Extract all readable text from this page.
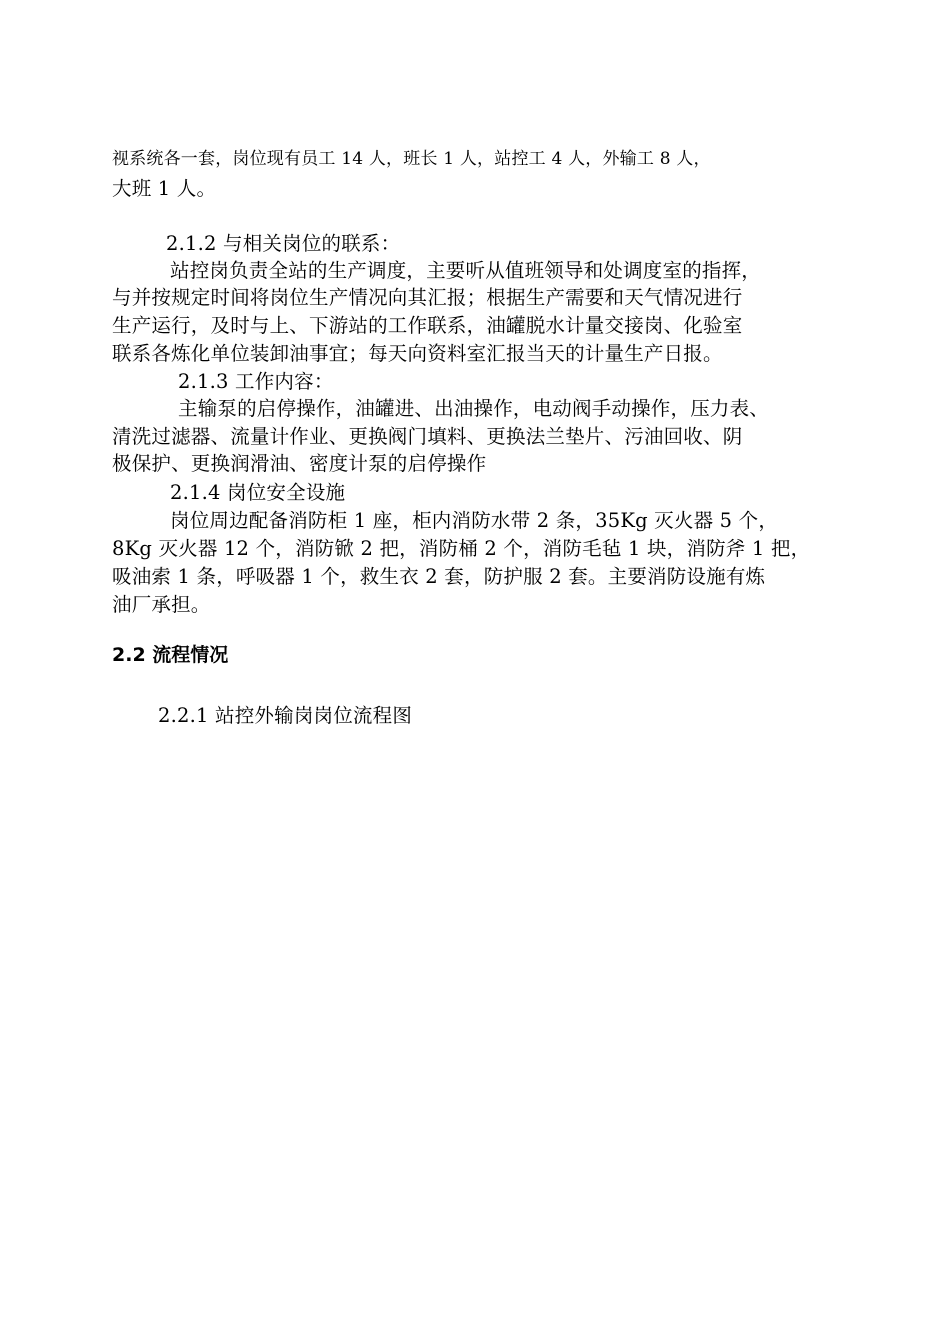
视系统各一套，岗位现有员工 14 人，班长 1 人，站控工 4 人，外输工 8 人，
大班 1 人。
2.1.2 与相关岗位的联系：
站控岗负责全站的生产调度，主要听从值班领导和处调度室的指挥，
与并按规定时间将岗位生产情况向其汇报；根据生产需要和天气情况进行
生产运行，及时与上、下游站的工作联系，油罐脱水计量交接岗、化验室
联系各炼化单位装卸油事宜；每天向资料室汇报当天的计量生产日报。
2.1.3 工作内容：
主输泵的启停操作，油罐进、出油操作，电动阀手动操作，压力表、
清洗过滤器、流量计作业、更换阀门填料、更换法兰垫片、污油回收、阴
极保护、更换润滑油、密度计泵的启停操作
2.1.4 岗位安全设施
岗位周边配备消防柜 1 座，柜内消防水带 2 条，35Kg 灭火器 5 个，
8Kg 灭火器 12 个，消防锨 2 把，消防桶 2 个，消防毛毡 1 块，消防斧 1 把，
吸油索 1 条，呼吸器 1 个，救生衣 2 套，防护服 2 套。主要消防设施有炼
油厂承担。
2.2 流程情况
2.2.1 站控外输岗岗位流程图
